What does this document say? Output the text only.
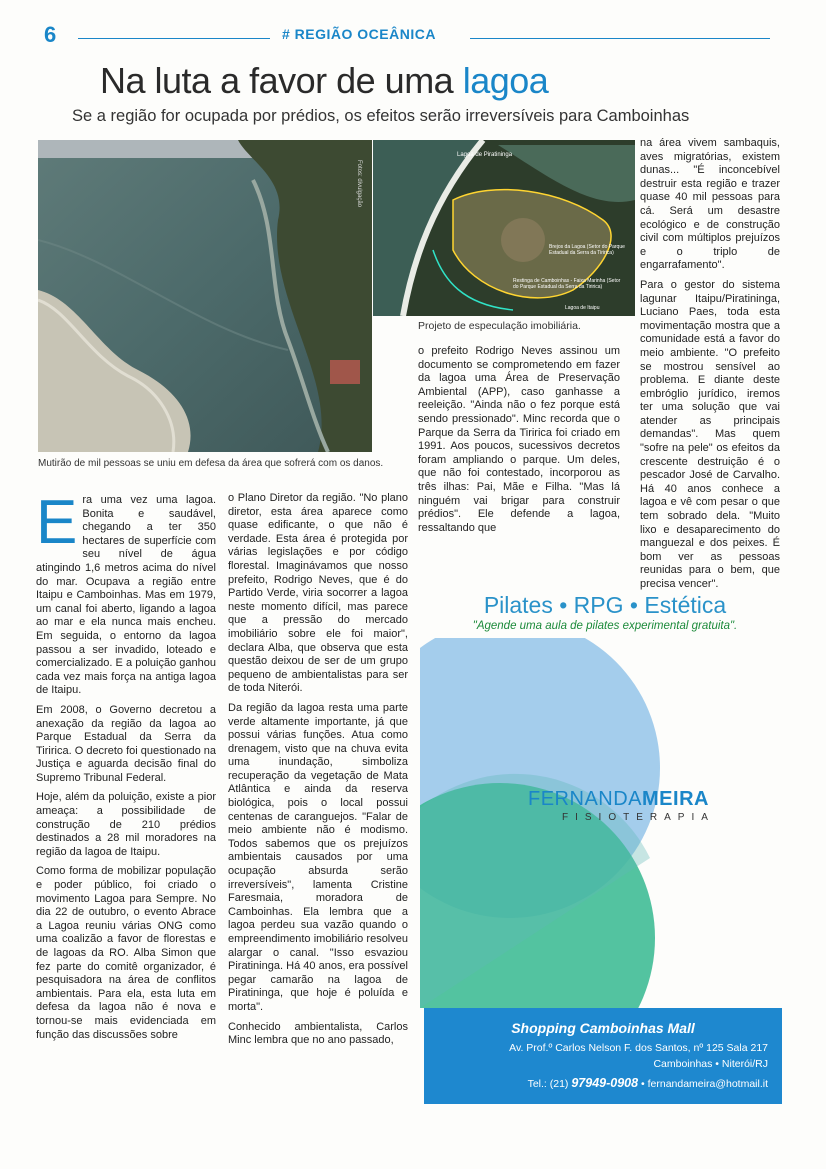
6	# REGIÃO OCEÂNICA
Na luta a favor de uma lagoa
Se a região for ocupada por prédios, os efeitos serão irreversíveis para Camboinhas
Fotos: divulgação
Lagoa de Piratininga
Brejos da Lagoa (Setor do Parque Estadual da Serra da Tiririca)
Restinga de Camboinhas - Faixa Marinha (Setor do Parque Estadual da Serra da Tiririca)
Lagoa de Itaipu
Mutirão de mil pessoas se uniu em defesa da área que sofrerá com os danos.
Projeto de especulação imobiliária.

Era uma vez uma lagoa. Bonita e saudável, chegando a ter 350 hectares de superfície com seu nível de água atingindo 1,6 metros acima do nível do mar. Ocupava a região entre Itaipu e Camboinhas. Mas em 1979, um canal foi aberto, ligando a lagoa ao mar e ela nunca mais encheu. Em seguida, o entorno da lagoa passou a ser invadido, loteado e comercializado. E a poluição ganhou cada vez mais força na antiga lagoa de Itaipu.

Em 2008, o Governo decretou a anexação da região da lagoa ao Parque Estadual da Serra da Tiririca. O decreto foi questionado na Justiça e aguarda decisão final do Supremo Tribunal Federal.

Hoje, além da poluição, existe a pior ameaça: a possibilidade de construção de 210 prédios destinados a 28 mil moradores na região da lagoa de Itaipu.

Como forma de mobilizar população e poder público, foi criado o movimento Lagoa para Sempre. No dia 22 de outubro, o evento Abrace a Lagoa reuniu várias ONG como uma coalizão a favor de florestas e de lagoas da RO. Alba Simon que fez parte do comitê organizador, é pesquisadora na área de conflitos ambientais. Para ela, esta luta em defesa da lagoa não é nova e tornou-se mais evidenciada em função das discussões sobre

o Plano Diretor da região. "No plano diretor, esta área aparece como quase edificante, o que não é verdade. Esta área é protegida por várias legislações e por código florestal. Imaginávamos que nosso prefeito, Rodrigo Neves, que é do Partido Verde, viria socorrer a lagoa neste momento difícil, mas parece que a pressão do mercado imobiliário sobre ele foi maior", declara Alba, que observa que esta questão deixou de ser de um grupo pequeno de ambientalistas para ser de toda Niterói.

Da região da lagoa resta uma parte verde altamente importante, já que possui várias funções. Atua como drenagem, visto que na chuva evita uma inundação, simboliza recuperação da vegetação de Mata Atlântica e ainda da reserva biológica, pois o local possui centenas de caranguejos. "Falar de meio ambiente não é modismo. Todos sabemos que os prejuízos ambientais causados por uma ocupação absurda serão irreversíveis", lamenta Cristine Faresmaia, moradora de Camboinhas. Ela lembra que a lagoa perdeu sua vazão quando o empreendimento imobiliário resolveu alargar o canal. "Isso esvaziou Piratininga. Há 40 anos, era possível pegar camarão na lagoa de Piratininga, que hoje é poluída e morta".

Conhecido ambientalista, Carlos Minc lembra que no ano passado,

o prefeito Rodrigo Neves assinou um documento se comprometendo em fazer da lagoa uma Área de Preservação Ambiental (APP), caso ganhasse a reeleição. "Ainda não o fez porque está sendo pressionado". Minc recorda que o Parque da Serra da Tiririca foi criado em 1991. Aos poucos, sucessivos decretos foram ampliando o parque. Um deles, que não foi contestado, incorporou as três ilhas: Pai, Mãe e Filha. "Mas lá ninguém vai brigar para construir prédios". Ele defende a lagoa, ressaltando que

na área vivem sambaquis, aves migratórias, existem dunas... "É inconcebível destruir esta região e trazer quase 40 mil pessoas para cá. Será um desastre ecológico e de construção civil com múltiplos prejuízos e o triplo de engarrafamento".

Para o gestor do sistema lagunar Itaipu/Piratininga, Luciano Paes, toda esta movimentação mostra que a comunidade está a favor do meio ambiente. "O prefeito se mostrou sensível ao problema. E diante deste embróglio jurídico, iremos ter uma solução que vai atender as principais demandas". Mas quem "sofre na pele" os efeitos da crescente destruição é o pescador José de Carvalho. Há 40 anos conhece a lagoa e vê com pesar o que tem sobrado dela. "Muito lixo e desaparecimento do manguezal e dos peixes. É bom ver as pessoas reunidas para o bem, que precisa vencer".

Pilates • RPG • Estética
"Agende uma aula de pilates experimental gratuita".
FERNANDAMEIRA
FISIOTERAPIA
Shopping Camboinhas Mall
Av. Prof.º Carlos Nelson F. dos Santos, nº 125 Sala 217
Camboinhas • Niterói/RJ
Tel.: (21) 97949-0908 • fernandameira@hotmail.it
